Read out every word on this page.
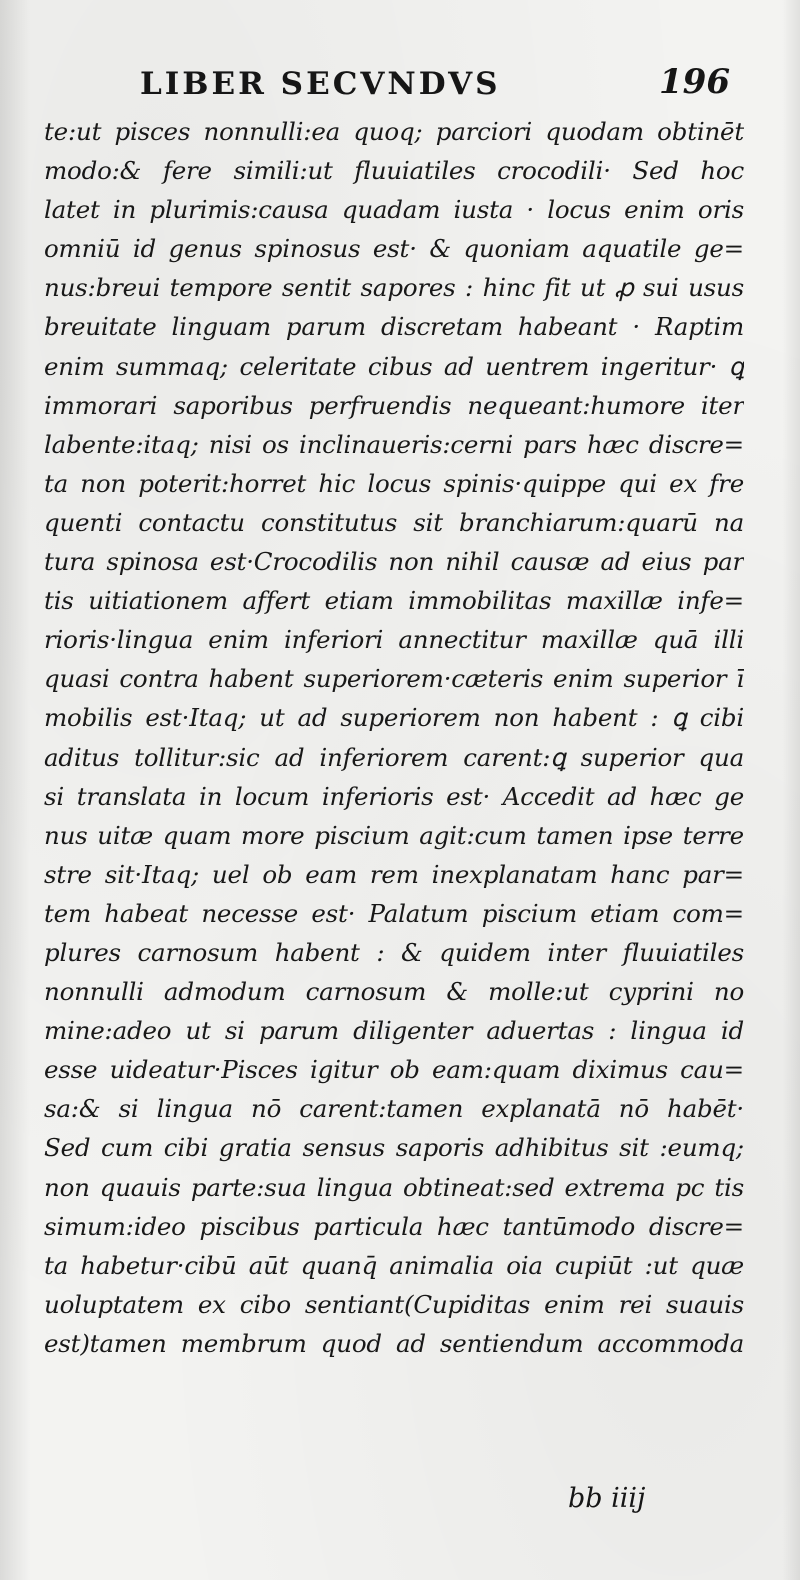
LIBER SECVNDVS	196
te:ut pisces nonnulli:ea quoq; parciori quodam obtinēt
modo:& fere simili:ut fluuiatiles crocodili· Sed hoc
latet in plurimis:causa quadam iusta · locus enim oris
omniū id genus spinosus est· & quoniam aquatile ge=
nus:breui tempore sentit sapores : hinc fit ut ꝓ sui usus
breuitate linguam parum discretam habeant · Raptim
enim summaq; celeritate cibus ad uentrem ingeritur· ꝗ
immorari saporibus perfruendis nequeant:humore iter
labente:itaq; nisi os inclinaueris:cerni pars hæc discre=
ta non poterit:horret hic locus spinis·quippe qui ex fre
quenti contactu constitutus sit branchiarum:quarū na
tura spinosa est·Crocodilis non nihil causæ ad eius par
tis uitiationem affert etiam immobilitas maxillæ infe=
rioris·lingua enim inferiori annectitur maxillæ quā illi
quasi contra habent superiorem·cæteris enim superior ī
mobilis est·Itaq; ut ad superiorem non habent : ꝗ cibi
aditus tollitur:sic ad inferiorem carent:ꝗ superior qua
si translata in locum inferioris est· Accedit ad hæc ge
nus uitæ quam more piscium agit:cum tamen ipse terre
stre sit·Itaq; uel ob eam rem inexplanatam hanc par=
tem habeat necesse est· Palatum piscium etiam com=
plures carnosum habent : & quidem inter fluuiatiles
nonnulli admodum carnosum & molle:ut cyprini no
mine:adeo ut si parum diligenter aduertas : lingua id
esse uideatur·Pisces igitur ob eam:quam diximus cau=
sa:& si lingua nō carent:tamen explanatā nō habēt·
Sed cum cibi gratia sensus saporis adhibitus sit :eumq;
non quauis parte:sua lingua obtineat:sed extrema pc tis
simum:ideo piscibus particula hæc tantūmodo discre=
ta habetur·cibū aūt quanq̄ animalia oia cupiūt :ut quæ
uoluptatem ex cibo sentiant(Cupiditas enim rei suauis
est)tamen membrum quod ad sentiendum accommoda
bb iiij
